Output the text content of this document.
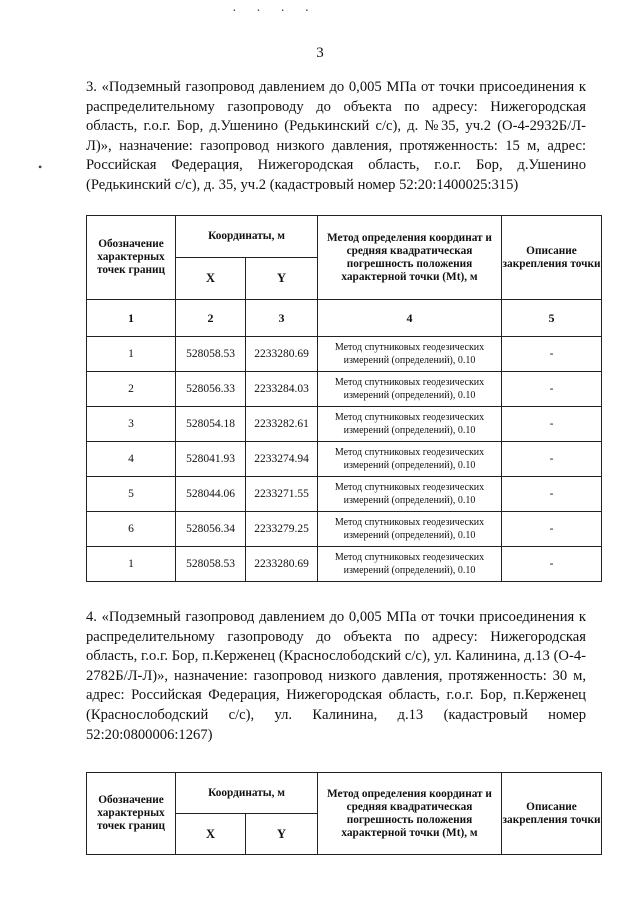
· · · ·
•
3
3. «Подземный газопровод давлением до 0,005 МПа от точки присоединения к распределительному газопроводу до объекта по адресу: Нижегородская область, г.о.г. Бор, д.Ушенино (Редькинский с/с), д. №35, уч.2 (О-4-2932Б/Л-Л)», назначение: газопровод низкого давления, протяженность: 15 м, адрес: Российская Федерация, Нижегородская область, г.о.г. Бор, д.Ушенино (Редькинский с/с), д. 35, уч.2 (кадастровый номер 52:20:1400025:315)
Обозначение характерных точек границ	Координаты, м		Метод определения координат и средняя квадратическая погрешность положения характерной точки (Mt), м	Описание закрепления точки
	X	Y		
1	2	3	4	5
1	528058.53	2233280.69	Метод спутниковых геодезических измерений (определений), 0.10	-
2	528056.33	2233284.03	Метод спутниковых геодезических измерений (определений), 0.10	-
3	528054.18	2233282.61	Метод спутниковых геодезических измерений (определений), 0.10	-
4	528041.93	2233274.94	Метод спутниковых геодезических измерений (определений), 0.10	-
5	528044.06	2233271.55	Метод спутниковых геодезических измерений (определений), 0.10	-
6	528056.34	2233279.25	Метод спутниковых геодезических измерений (определений), 0.10	-
1	528058.53	2233280.69	Метод спутниковых геодезических измерений (определений), 0.10	-
4. «Подземный газопровод давлением до 0,005 МПа от точки присоединения к распределительному газопроводу до объекта по адресу: Нижегородская область, г.о.г. Бор, п.Керженец (Краснослободский с/с), ул. Калинина, д.13 (О-4-2782Б/Л-Л)», назначение: газопровод низкого давления, протяженность: 30 м, адрес: Российская Федерация, Нижегородская область, г.о.г. Бор, п.Керженец (Краснослободский с/с), ул. Калинина, д.13 (кадастровый номер 52:20:0800006:1267)
Обозначение характерных точек границ	Координаты, м		Метод определения координат и средняя квадратическая погрешность положения характерной точки (Mt), м	Описание закрепления точки
	X	Y		
